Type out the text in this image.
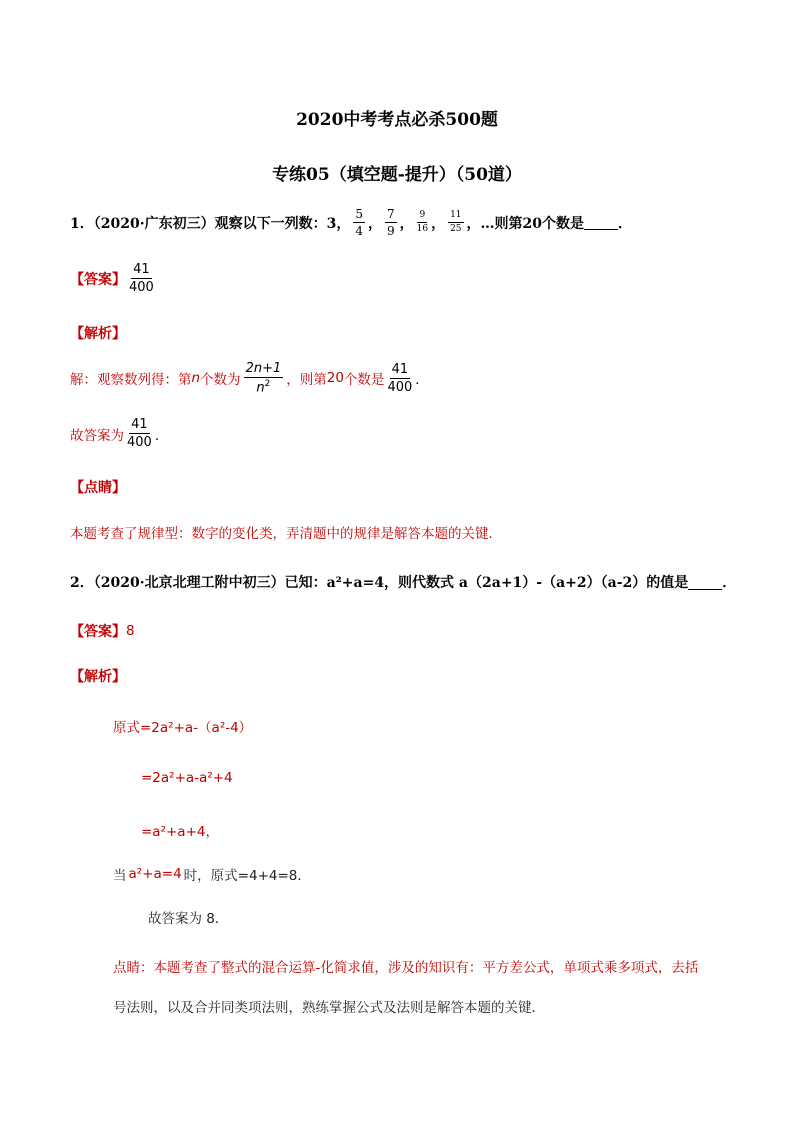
2020中考考点必杀500题
专练05（填空题-提升）（50道）
1．（2020·广东初三）观察以下一列数：3， $\frac{5}{4}$ ， $\frac{7}{9}$ ， $\frac{9}{16}$ ， $\frac{11}{25}$ ，…则第20个数是 ．
【答案】 $\frac{41}{400}$
【解析】
解：观察数列得：第 n 个数为 $\frac{2n+1}{n^2}$ ，则第 20 个数是 $\frac{41}{400}$ ．
故答案为 $\frac{41}{400}$ ．
【点睛】
本题考查了规律型：数字的变化类，弄清题中的规律是解答本题的关键．
2．（2020·北京北理工附中初三）已知：a²+a=4，则代数式 a（2a+1）-（a+2）（a-2）的值是 ．
【答案】 8
【解析】
原式=2a²+a-（a²-4）
=2a²+a-a²+4
=a²+a+4，
当 a²+a=4 时，原式=4+4=8．
故答案为 8．
点睛：本题考查了整式的混合运算-化简求值，涉及的知识有：平方差公式，单项式乘多项式，去括
号法则，以及合并同类项法则，熟练掌握公式及法则是解答本题的关键．
